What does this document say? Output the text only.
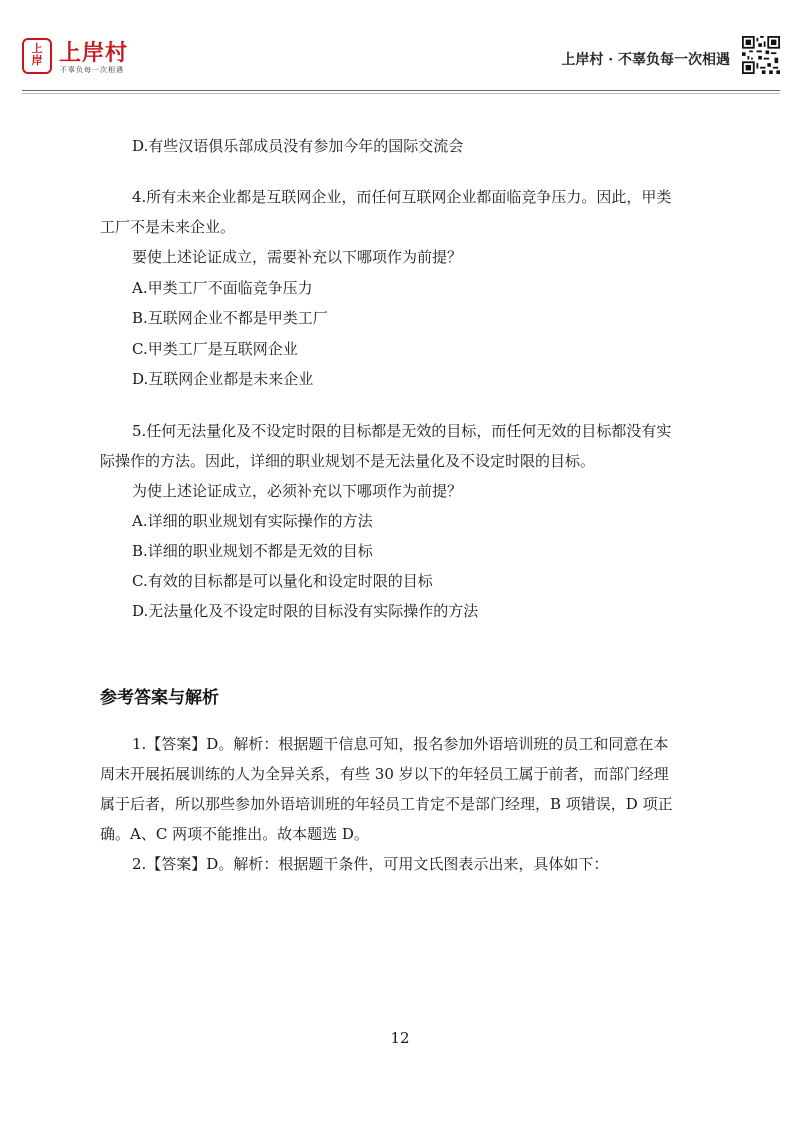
上
岸 上岸村
不辜负每一次相遇
上岸村 · 不辜负每一次相遇
D.有些汉语俱乐部成员没有参加今年的国际交流会
4.所有未来企业都是互联网企业，而任何互联网企业都面临竞争压力。因此，甲类
工厂不是未来企业。
要使上述论证成立，需要补充以下哪项作为前提？
A.甲类工厂不面临竞争压力
B.互联网企业不都是甲类工厂
C.甲类工厂是互联网企业
D.互联网企业都是未来企业
5.任何无法量化及不设定时限的目标都是无效的目标，而任何无效的目标都没有实
际操作的方法。因此，详细的职业规划不是无法量化及不设定时限的目标。
为使上述论证成立，必须补充以下哪项作为前提？
A.详细的职业规划有实际操作的方法
B.详细的职业规划不都是无效的目标
C.有效的目标都是可以量化和设定时限的目标
D.无法量化及不设定时限的目标没有实际操作的方法
参考答案与解析
1.【答案】D。解析：根据题干信息可知，报名参加外语培训班的员工和同意在本
周末开展拓展训练的人为全异关系，有些 30 岁以下的年轻员工属于前者，而部门经理
属于后者，所以那些参加外语培训班的年轻员工肯定不是部门经理，B 项错误，D 项正
确。A、C 两项不能推出。故本题选 D。
2.【答案】D。解析：根据题干条件，可用文氏图表示出来，具体如下：
12
